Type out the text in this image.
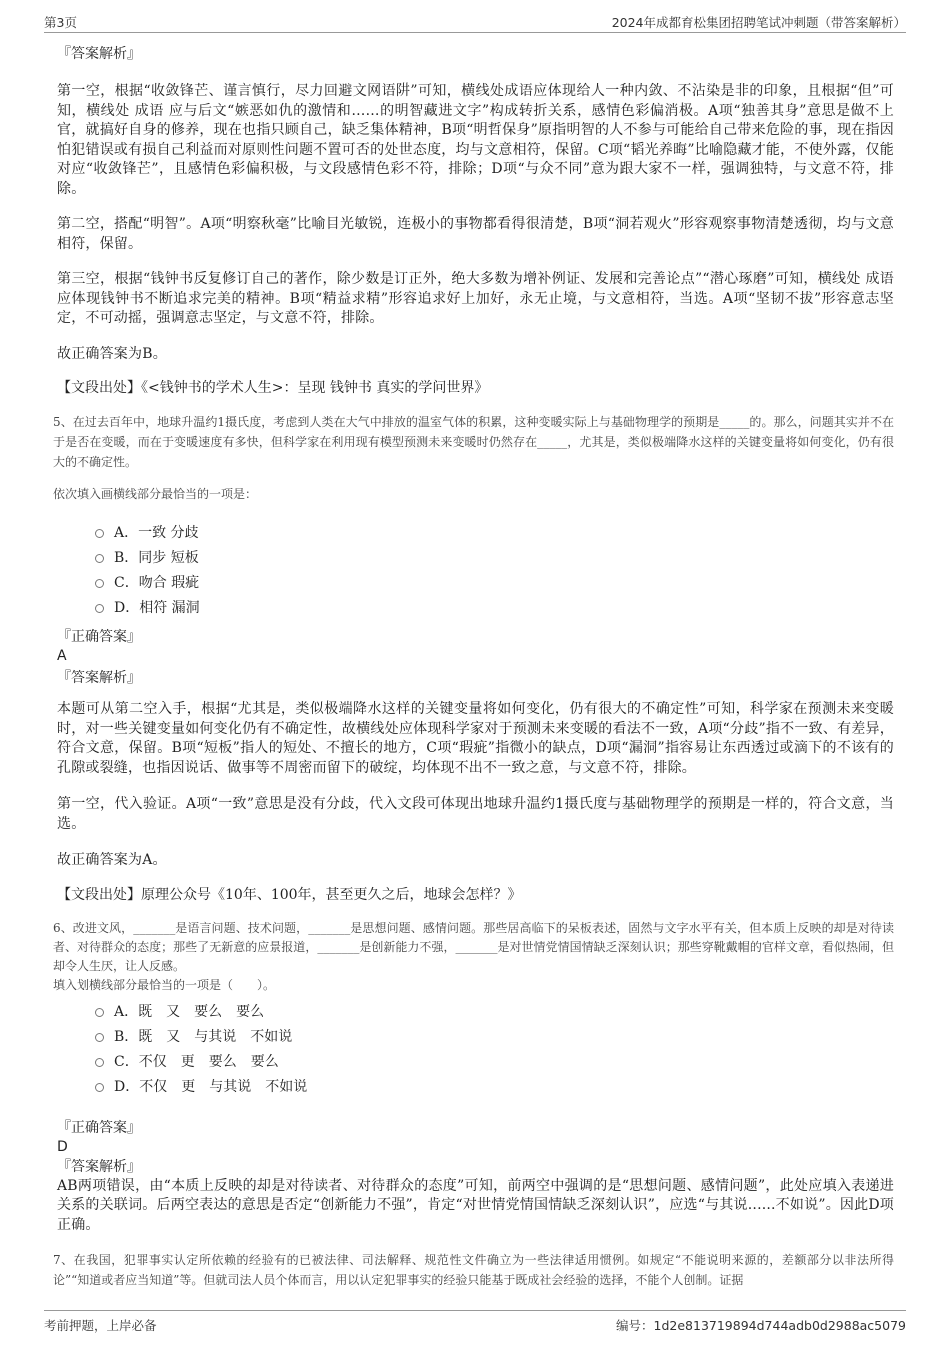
第3页	2024年成都育松集团招聘笔试冲刺题（带答案解析）

『答案解析』

第一空，根据“收敛锋芒、谨言慎行，尽力回避文网语阱”可知，横线处成语应体现给人一种内敛、不沾染是非的印象，且根据“但”可知，横线处 成语 应与后文“嫉恶如仇的激情和……的明智藏进文字”构成转折关系，感情色彩偏消极。A项“独善其身”意思是做不上官，就搞好自身的修养，现在也指只顾自己，缺乏集体精神，B项“明哲保身”原指明智的人不参与可能给自己带来危险的事，现在指因怕犯错误或有损自己利益而对原则性问题不置可否的处世态度，均与文意相符，保留。C项“韬光养晦”比喻隐藏才能，不使外露，仅能对应“收敛锋芒”，且感情色彩偏积极，与文段感情色彩不符，排除；D项“与众不同”意为跟大家不一样，强调独特，与文意不符，排除。

第二空，搭配“明智”。A项“明察秋毫”比喻目光敏锐，连极小的事物都看得很清楚，B项“洞若观火”形容观察事物清楚透彻，均与文意相符，保留。

第三空，根据“钱钟书反复修订自己的著作，除少数是订正外，绝大多数为增补例证、发展和完善论点”“潜心琢磨”可知，横线处 成语 应体现钱钟书不断追求完美的精神。B项“精益求精”形容追求好上加好，永无止境，与文意相符，当选。A项“坚韧不拔”形容意志坚定，不可动摇，强调意志坚定，与文意不符，排除。

故正确答案为B。

【文段出处】《<钱钟书的学术人生>：呈现 钱钟书 真实的学问世界》

5、在过去百年中，地球升温约1摄氏度，考虑到人类在大气中排放的温室气体的积累，这种变暖实际上与基础物理学的预期是_____的。那么，问题其实并不在于是否在变暖，而在于变暖速度有多快，但科学家在利用现有模型预测未来变暖时仍然存在_____，尤其是，类似极端降水这样的关键变量将如何变化，仍有很大的不确定性。

依次填入画横线部分最恰当的一项是：

A．一致 分歧
B．同步 短板
C．吻合 瑕疵
D．相符 漏洞

『正确答案』

A

『答案解析』

本题可从第二空入手，根据“尤其是，类似极端降水这样的关键变量将如何变化，仍有很大的不确定性”可知，科学家在预测未来变暖时，对一些关键变量如何变化仍有不确定性，故横线处应体现科学家对于预测未来变暖的看法不一致，A项“分歧”指不一致、有差异，符合文意，保留。B项“短板”指人的短处、不擅长的地方，C项“瑕疵”指微小的缺点，D项“漏洞”指容易让东西透过或滴下的不该有的孔隙或裂缝，也指因说话、做事等不周密而留下的破绽，均体现不出不一致之意，与文意不符，排除。

第一空，代入验证。A项“一致”意思是没有分歧，代入文段可体现出地球升温约1摄氏度与基础物理学的预期是一样的，符合文意，当选。

故正确答案为A。

【文段出处】原理公众号《10年、100年，甚至更久之后，地球会怎样？》

6、改进文风，_______是语言问题、技术问题，_______是思想问题、感情问题。那些居高临下的呆板表述，固然与文字水平有关，但本质上反映的却是对待读者、对待群众的态度；那些了无新意的应景报道，_______是创新能力不强，_______是对世情党情国情缺乏深刻认识；那些穿靴戴帽的官样文章，看似热闹，但却令人生厌，让人反感。

填入划横线部分最恰当的一项是（　　）。

A．既　又　要么　要么
B．既　又　与其说　不如说
C．不仅　更　要么　要么
D．不仅　更　与其说　不如说

『正确答案』

D

『答案解析』

AB两项错误，由“本质上反映的却是对待读者、对待群众的态度”可知，前两空中强调的是“思想问题、感情问题”，此处应填入表递进关系的关联词。后两空表达的意思是否定“创新能力不强”，肯定“对世情党情国情缺乏深刻认识”，应选“与其说......不如说”。因此D项正确。

7、在我国，犯罪事实认定所依赖的经验有的已被法律、司法解释、规范性文件确立为一些法律适用惯例。如规定“不能说明来源的，差额部分以非法所得论”“知道或者应当知道”等。但就司法人员个体而言，用以认定犯罪事实的经验只能基于既成社会经验的选择，不能个人创制。证据

考前押题，上岸必备	编号：1d2e813719894d744adb0d2988ac5079
